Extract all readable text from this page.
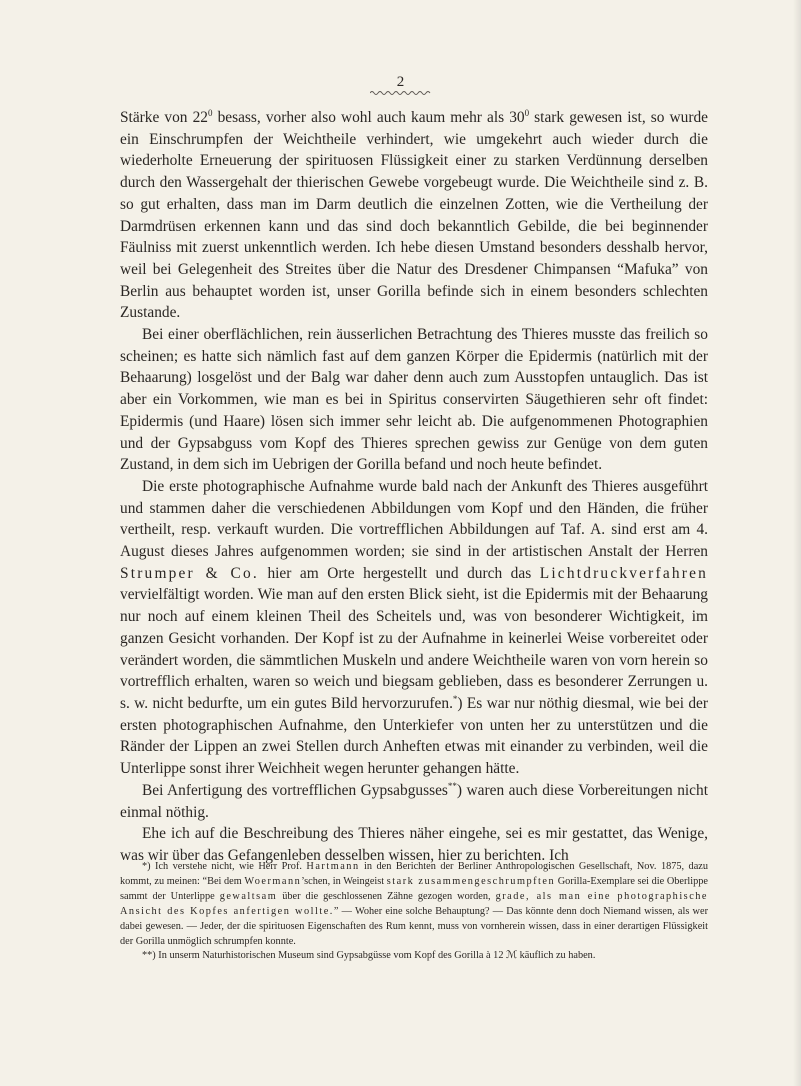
2

Stärke von $22^0$ besass, vorher also wohl auch kaum mehr als $30^0$ stark gewesen ist, so wurde ein Einschrumpfen der Weichtheile verhindert, wie umgekehrt auch wieder durch die wiederholte Erneuerung der spirituosen Flüssigkeit einer zu starken Verdünnung derselben durch den Wassergehalt der thierischen Gewebe vorgebeugt wurde. Die Weichtheile sind z. B. so gut erhalten, dass man im Darm deutlich die einzelnen Zotten, wie die Vertheilung der Darmdrüsen erkennen kann und das sind doch bekanntlich Gebilde, die bei beginnender Fäulniss mit zuerst unkenntlich werden. Ich hebe diesen Umstand besonders desshalb hervor, weil bei Gelegenheit des Streites über die Natur des Dresdener Chimpansen “Mafuka” von Berlin aus behauptet worden ist, unser Gorilla befinde sich in einem besonders schlechten Zustande.

Bei einer oberflächlichen, rein äusserlichen Betrachtung des Thieres musste das freilich so scheinen; es hatte sich nämlich fast auf dem ganzen Körper die Epidermis (natürlich mit der Behaarung) losgelöst und der Balg war daher denn auch zum Ausstopfen untauglich. Das ist aber ein Vorkommen, wie man es bei in Spiritus conservirten Säugethieren sehr oft findet: Epidermis (und Haare) lösen sich immer sehr leicht ab. Die aufgenommenen Photographien und der Gypsabguss vom Kopf des Thieres sprechen gewiss zur Genüge von dem guten Zustand, in dem sich im Uebrigen der Gorilla befand und noch heute befindet.

Die erste photographische Aufnahme wurde bald nach der Ankunft des Thieres ausgeführt und stammen daher die verschiedenen Abbildungen vom Kopf und den Händen, die früher vertheilt, resp. verkauft wurden. Die vortrefflichen Abbildungen auf Taf. A. sind erst am 4. August dieses Jahres aufgenommen worden; sie sind in der artistischen Anstalt der Herren Strumper & Co. hier am Orte hergestellt und durch das Lichtdruckverfahren vervielfältigt worden. Wie man auf den ersten Blick sieht, ist die Epidermis mit der Behaarung nur noch auf einem kleinen Theil des Scheitels und, was von besonderer Wichtigkeit, im ganzen Gesicht vorhanden. Der Kopf ist zu der Aufnahme in keinerlei Weise vorbereitet oder verändert worden, die sämmtlichen Muskeln und andere Weichtheile waren von vorn herein so vortrefflich erhalten, waren so weich und biegsam geblieben, dass es besonderer Zerrungen u. s. w. nicht bedurfte, um ein gutes Bild hervorzurufen.*) Es war nur nöthig diesmal, wie bei der ersten photographischen Aufnahme, den Unterkiefer von unten her zu unterstützen und die Ränder der Lippen an zwei Stellen durch Anheften etwas mit einander zu verbinden, weil die Unterlippe sonst ihrer Weichheit wegen herunter gehangen hätte.

Bei Anfertigung des vortrefflichen Gypsabgusses**) waren auch diese Vorbereitungen nicht einmal nöthig.

Ehe ich auf die Beschreibung des Thieres näher eingehe, sei es mir gestattet, das Wenige, was wir über das Gefangenleben desselben wissen, hier zu berichten. Ich

*) Ich verstehe nicht, wie Herr Prof. Hartmann in den Berichten der Berliner Anthropologischen Gesellschaft, Nov. 1875, dazu kommt, zu meinen: “Bei dem Woermann’schen, in Weingeist stark zusammengeschrumpften Gorilla-Exemplare sei die Oberlippe sammt der Unterlippe gewaltsam über die geschlossenen Zähne gezogen worden, grade, als man eine photographische Ansicht des Kopfes anfertigen wollte.” — Woher eine solche Behauptung? — Das könnte denn doch Niemand wissen, als wer dabei gewesen. — Jeder, der die spirituosen Eigenschaften des Rum kennt, muss von vornherein wissen, dass in einer derartigen Flüssigkeit der Gorilla unmöglich schrumpfen konnte.

**) In unserm Naturhistorischen Museum sind Gypsabgüsse vom Kopf des Gorilla à 12 ℳ käuflich zu haben.
